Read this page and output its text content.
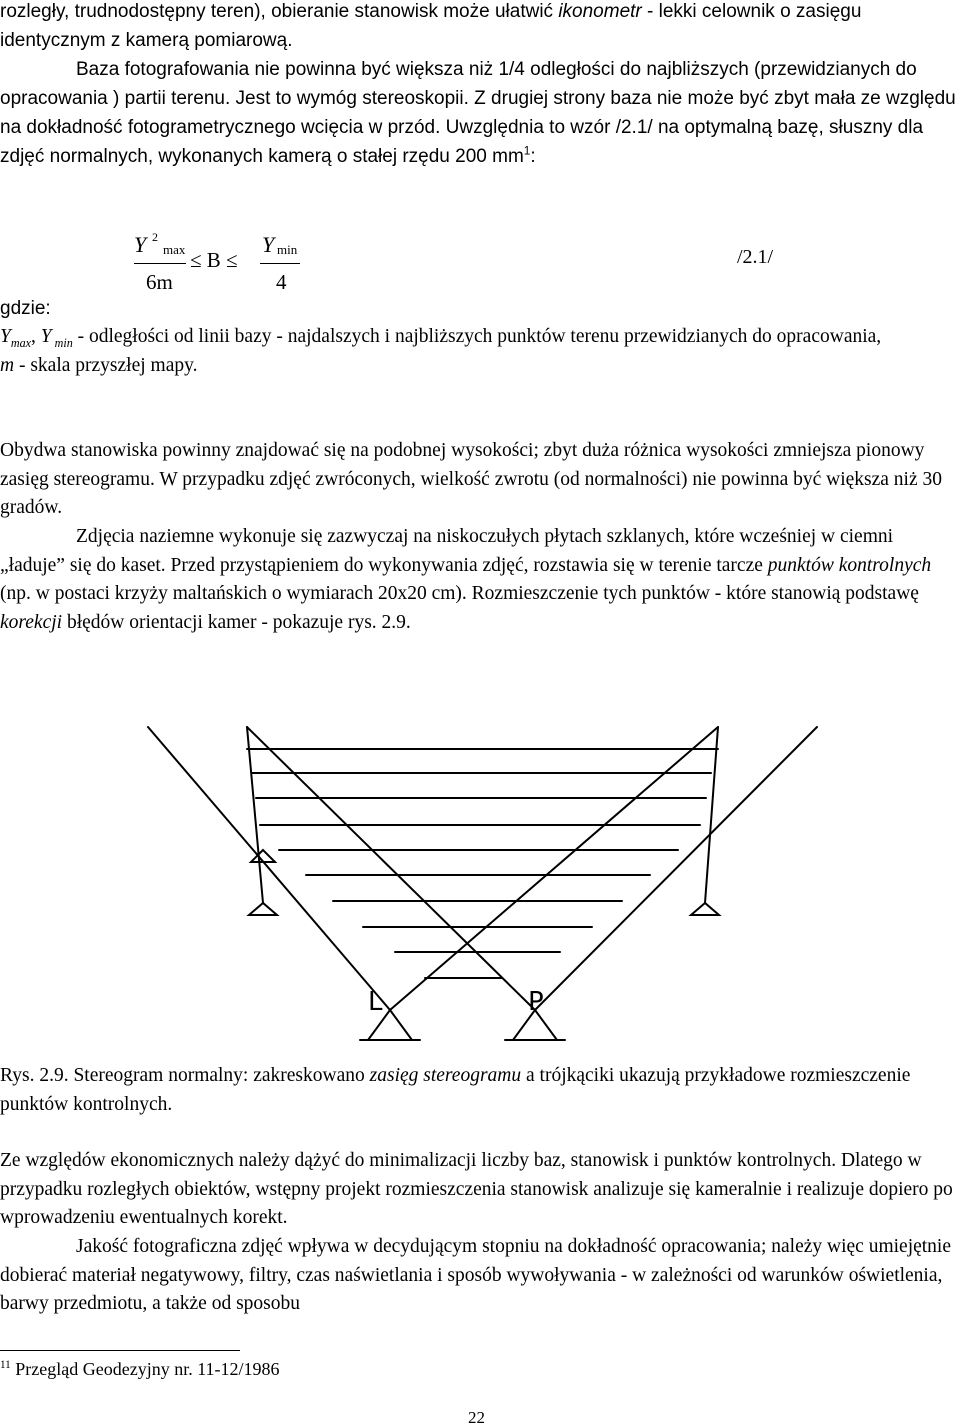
rozległy, trudnodostępny teren), obieranie stanowisk może ułatwić ikonometr - lekki celownik o zasięgu identycznym z kamerą pomiarową.

Baza fotografowania nie powinna być większa niż 1/4 odległości do najbliższych (przewidzianych do opracowania ) partii terenu. Jest to wymóg stereoskopii. Z drugiej strony baza nie może być zbyt mała ze względu na dokładność fotogrametrycznego wcięcia w przód. Uwzględnia to wzór /2.1/ na optymalną bazę, słuszny dla zdjęć normalnych, wykonanych kamerą o stałej rzędu 200 $mm^1$:

Y 2
max
6m
≤ B ≤
Y min
4
/2.1/

gdzie:

$Y_{max}$, Y $_{min}$ - odległości od linii bazy - najdalszych i najbliższych punktów terenu przewidzianych do opracowania,
m - skala przyszłej mapy.

Obydwa stanowiska powinny znajdować się na podobnej wysokości; zbyt duża różnica wysokości zmniejsza pionowy zasięg stereogramu. W przypadku zdjęć zwróconych, wielkość zwrotu (od normalności) nie powinna być większa niż 30 gradów.

Zdjęcia naziemne wykonuje się zazwyczaj na niskoczułych płytach szklanych, które wcześniej w ciemni „ładuje” się do kaset. Przed przystąpieniem do wykonywania zdjęć, rozstawia się w terenie tarcze punktów kontrolnych (np. w postaci krzyży maltańskich o wymiarach 20x20 cm). Rozmieszczenie tych punktów - które stanowią podstawę korekcji błędów orientacji kamer - pokazuje rys. 2.9.

L	P

Rys. 2.9. Stereogram normalny: zakreskowano zasięg stereogramu a trójkąciki ukazują przykładowe rozmieszczenie punktów kontrolnych.

Ze względów ekonomicznych należy dążyć do minimalizacji liczby baz, stanowisk i punktów kontrolnych. Dlatego w przypadku rozległych obiektów, wstępny projekt rozmieszczenia stanowisk analizuje się kameralnie i realizuje dopiero po wprowadzeniu ewentualnych korekt.

Jakość fotograficzna zdjęć wpływa w decydującym stopniu na dokładność opracowania; należy więc umiejętnie dobierać materiał negatywowy, filtry, czas naświetlania i sposób wywoływania - w zależności od warunków oświetlenia, barwy przedmiotu, a także od sposobu

$^{11}$ Przegląd Geodezyjny nr. 11-12/1986
22
